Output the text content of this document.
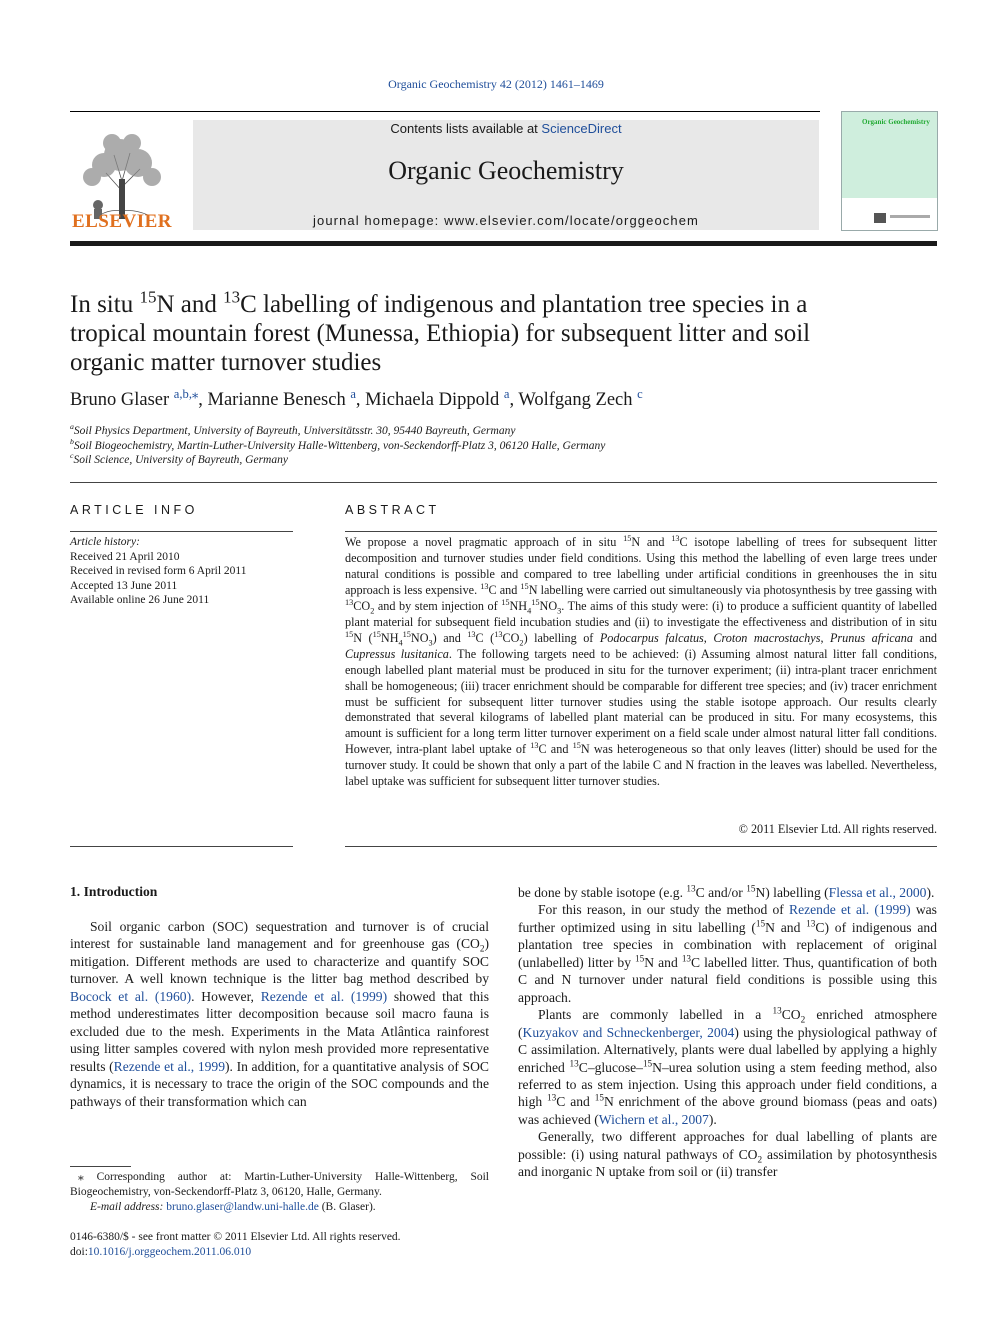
Organic Geochemistry 42 (2012) 1461–1469
ELSEVIER
Contents lists available at ScienceDirect
Organic Geochemistry
journal homepage: www.elsevier.com/locate/orggeochem
Organic Geochemistry
In situ $^{15}$N and $^{13}$C labelling of indigenous and plantation tree species in a tropical mountain forest (Munessa, Ethiopia) for subsequent litter and soil organic matter turnover studies
Bruno Glaser $^{a,b,⁎}$, Marianne Benesch $^a$, Michaela Dippold $^a$, Wolfgang Zech $^c$
$^a$Soil Physics Department, University of Bayreuth, Universitätsstr. 30, 95440 Bayreuth, Germany
$^b$Soil Biogeochemistry, Martin-Luther-University Halle-Wittenberg, von-Seckendorff-Platz 3, 06120 Halle, Germany
$^c$Soil Science, University of Bayreuth, Germany
ARTICLE INFO
Article history:
Received 21 April 2010
Received in revised form 6 April 2011
Accepted 13 June 2011
Available online 26 June 2011
ABSTRACT
We propose a novel pragmatic approach of in situ $^{15}$N and $^{13}$C isotope labelling of trees for subsequent litter decomposition and turnover studies under field conditions. Using this method the labelling of even large trees under natural conditions is possible and compared to tree labelling under artificial conditions in greenhouses the in situ approach is less expensive. $^{13}$C and $^{15}$N labelling were carried out simultaneously via photosynthesis by tree gassing with $^{13}CO_2$ and by stem injection of $^{15}NH_4^{15}NO_3$. The aims of this study were: (i) to produce a sufficient quantity of labelled plant material for subsequent field incubation studies and (ii) to investigate the effectiveness and distribution of in situ $^{15}$N $(^{15}NH_4^{15}NO_3)$ and $^{13}$C $(^{13}CO_2)$ labelling of Podocarpus falcatus, Croton macrostachys, Prunus africana and Cupressus lusitanica. The following targets need to be achieved: (i) Assuming almost natural litter fall conditions, enough labelled plant material must be produced in situ for the turnover experiment; (ii) intra-plant tracer enrichment shall be homogeneous; (iii) tracer enrichment should be comparable for different tree species; and (iv) tracer enrichment must be sufficient for subsequent litter turnover studies using the stable isotope approach. Our results clearly demonstrated that several kilograms of labelled plant material can be produced in situ. For many ecosystems, this amount is sufficient for a long term litter turnover experiment on a field scale under almost natural litter fall conditions. However, intra-plant label uptake of $^{13}$C and $^{15}$N was heterogeneous so that only leaves (litter) should be used for the turnover study. It could be shown that only a part of the labile C and N fraction in the leaves was labelled. Nevertheless, label uptake was sufficient for subsequent litter turnover studies.
© 2011 Elsevier Ltd. All rights reserved.
1. Introduction

Soil organic carbon (SOC) sequestration and turnover is of crucial interest for sustainable land management and for greenhouse gas $(CO_2)$ mitigation. Different methods are used to characterize and quantify SOC turnover. A well known technique is the litter bag method described by Bocock et al. (1960). However, Rezende et al. (1999) showed that this method underestimates litter decomposition because soil macro fauna is excluded due to the mesh. Experiments in the Mata Atlântica rainforest using litter samples covered with nylon mesh provided more representative results (Rezende et al., 1999). In addition, for a quantitative analysis of SOC dynamics, it is necessary to trace the origin of the SOC compounds and the pathways of their transformation which can

be done by stable isotope (e.g. $^{13}$C and/or $^{15}$N) labelling (Flessa et al., 2000).

For this reason, in our study the method of Rezende et al. (1999) was further optimized using in situ labelling ($^{15}$N and $^{13}$C) of indigenous and plantation tree species in combination with replacement of original (unlabelled) litter by $^{15}$N and $^{13}$C labelled litter. Thus, quantification of both C and N turnover under natural field conditions is possible using this approach.

Plants are commonly labelled in a $^{13}CO_2$ enriched atmosphere (Kuzyakov and Schneckenberger, 2004) using the physiological pathway of C assimilation. Alternatively, plants were dual labelled by applying a highly enriched $^{13}$C–glucose–$^{15}$N–urea solution using a stem feeding method, also referred to as stem injection. Using this approach under field conditions, a high $^{13}$C and $^{15}$N enrichment of the above ground biomass (peas and oats) was achieved (Wichern et al., 2007).

Generally, two different approaches for dual labelling of plants are possible: (i) using natural pathways of $CO_2$ assimilation by photosynthesis and inorganic N uptake from soil or (ii) transfer

⁎ Corresponding author at: Martin-Luther-University Halle-Wittenberg, Soil Biogeochemistry, von-Seckendorff-Platz 3, 06120, Halle, Germany.

E-mail address: bruno.glaser@landw.uni-halle.de (B. Glaser).

0146-6380/$ - see front matter © 2011 Elsevier Ltd. All rights reserved.
doi:10.1016/j.orggeochem.2011.06.010
